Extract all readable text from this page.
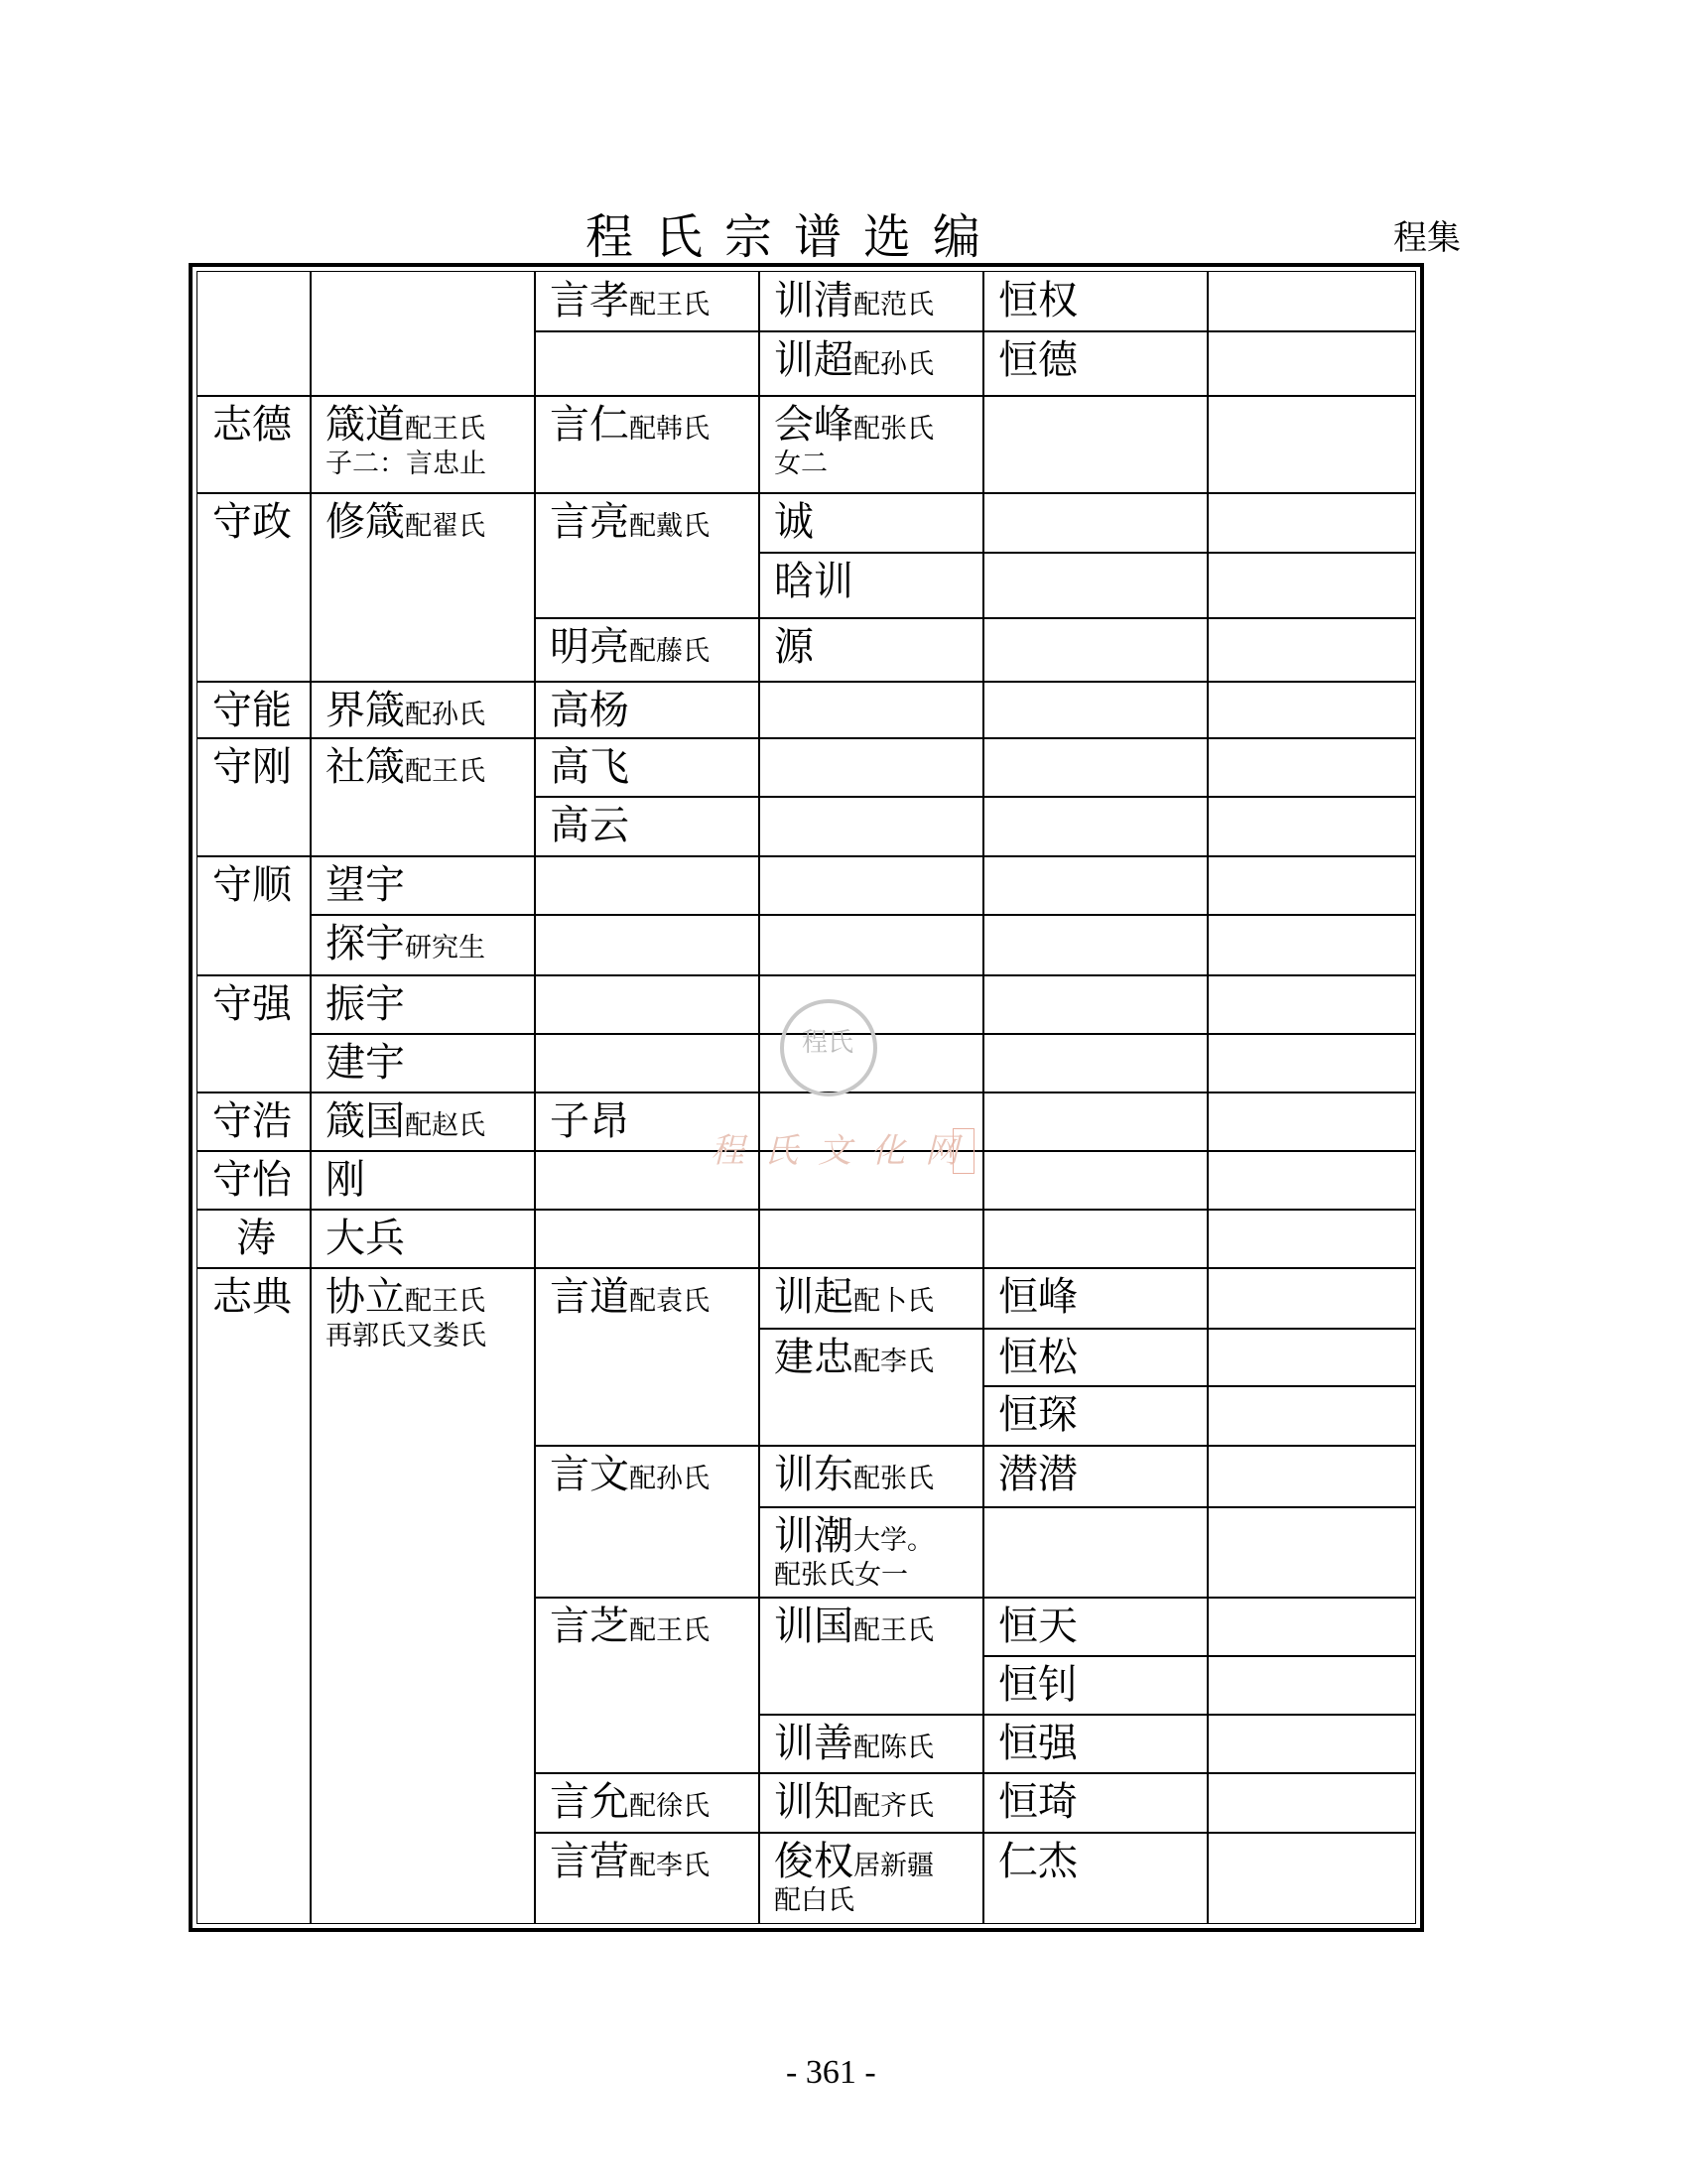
程氏宗谱选编	程集
程氏
程氏文化网
言孝配王氏 训清配范氏 恒权
训超配孙氏 恒德
志德 箴道配王氏
子二：言忠止
言仁配韩氏 会峰配张氏
女二
守政 修箴配翟氏 言亮配戴氏 诚
晗训
明亮配藤氏 源
守能 界箴配孙氏 高杨
守刚 社箴配王氏 高飞
高云
守顺 望宇
探宇研究生
守强 振宇
建宇
守浩 箴国配赵氏 子昂
守怡 刚
涛 大兵
志典 协立配王氏
再郭氏又娄氏
言道配袁氏 训起配卜氏 恒峰
建忠配李氏 恒松
恒琛
言文配孙氏 训东配张氏 潜潜
训潮大学。
配张氏女一
言芝配王氏 训国配王氏 恒天
恒钊
训善配陈氏 恒强
言允配徐氏 训知配齐氏 恒琦
言营配李氏 俊权居新疆
配白氏
仁杰
- 361 -
